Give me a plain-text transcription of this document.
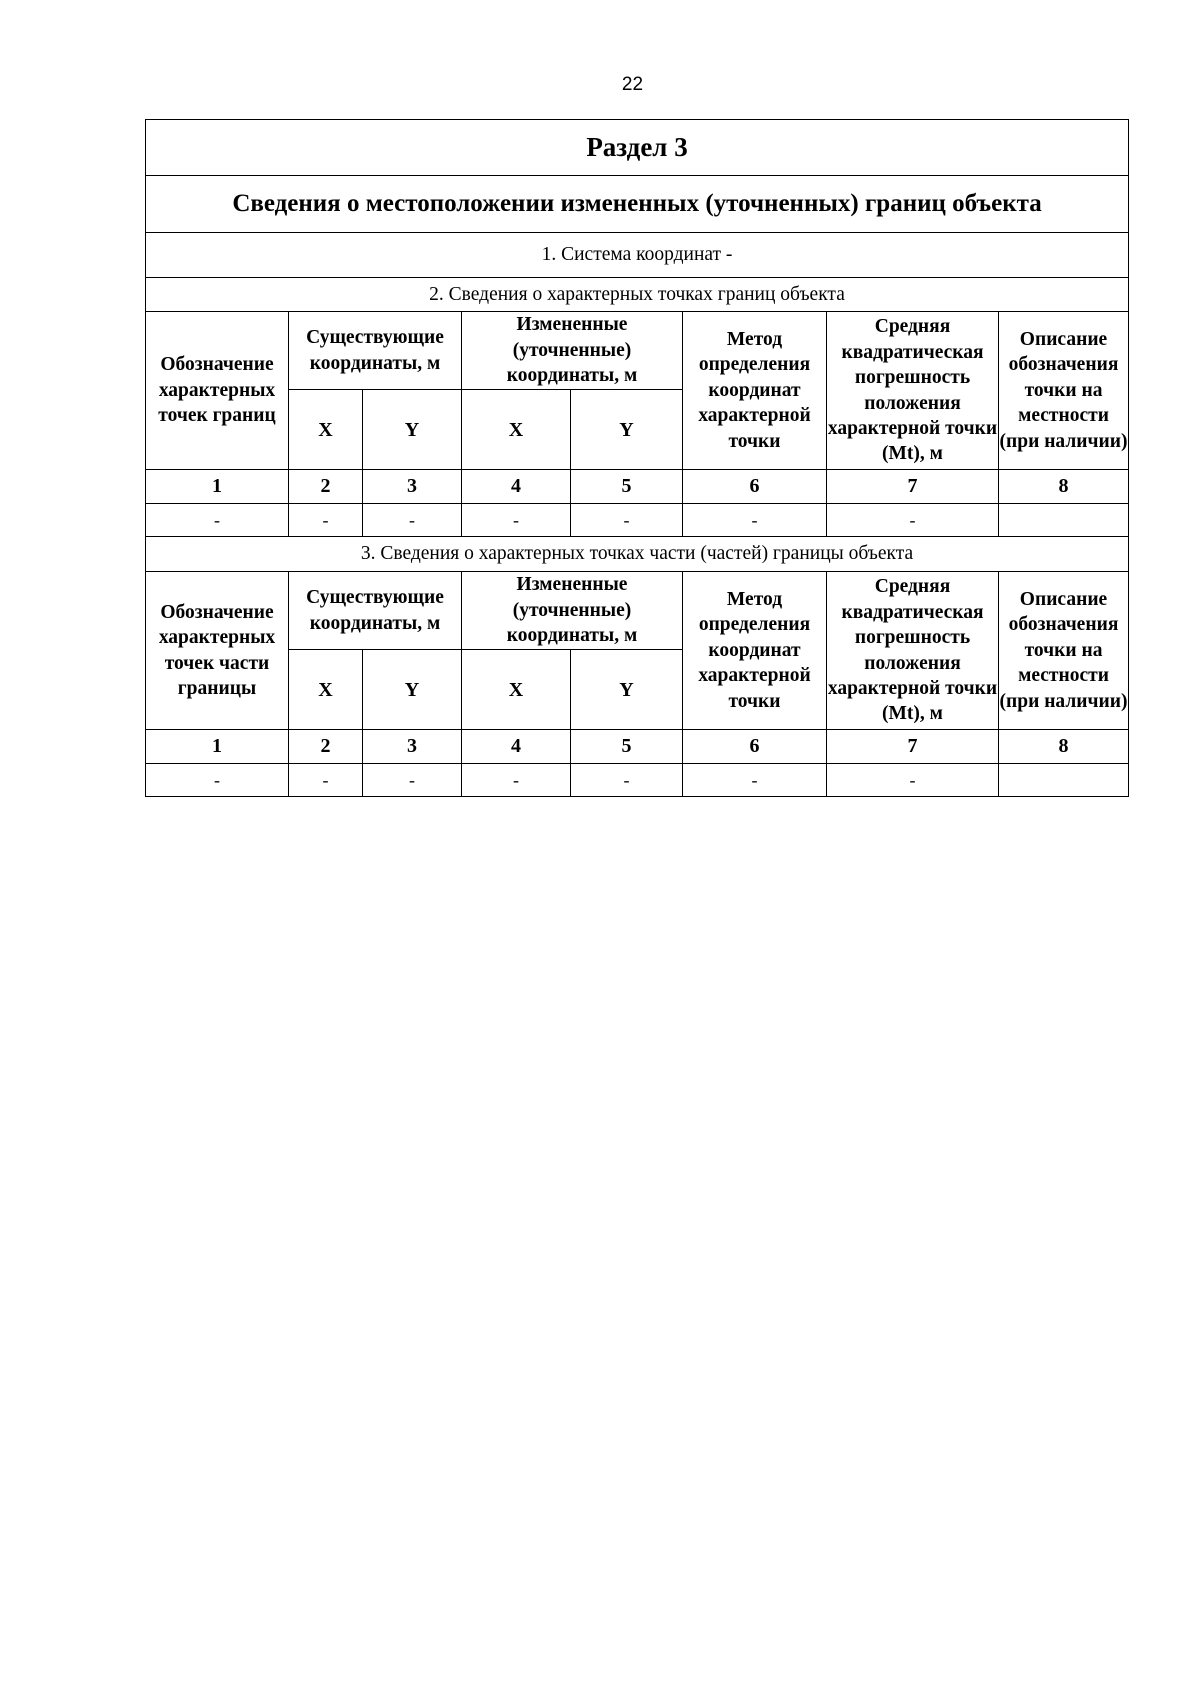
22
Раздел 3							
Сведения о местоположении измененных (уточненных) границ объекта							
1. Система координат -							
2. Сведения о характерных точках границ объекта							
Обозначение характерных точек границ	Существующие координаты, м		Измененные (уточненные) координаты, м		Метод определения координат характерной точки	Средняя квадратическая погрешность положения характерной точки (Mt), м	Описание обозначения точки на местности (при наличии)
	X	Y	X	Y			
1	2	3	4	5	6	7	8
-	-	-	-	-	-	-	
3. Сведения о характерных точках части (частей) границы объекта							
Обозначение характерных точек части границы	Существующие координаты, м		Измененные (уточненные) координаты, м		Метод определения координат характерной точки	Средняя квадратическая погрешность положения характерной точки (Mt), м	Описание обозначения точки на местности (при наличии)
	X	Y	X	Y			
1	2	3	4	5	6	7	8
-	-	-	-	-	-	-	
